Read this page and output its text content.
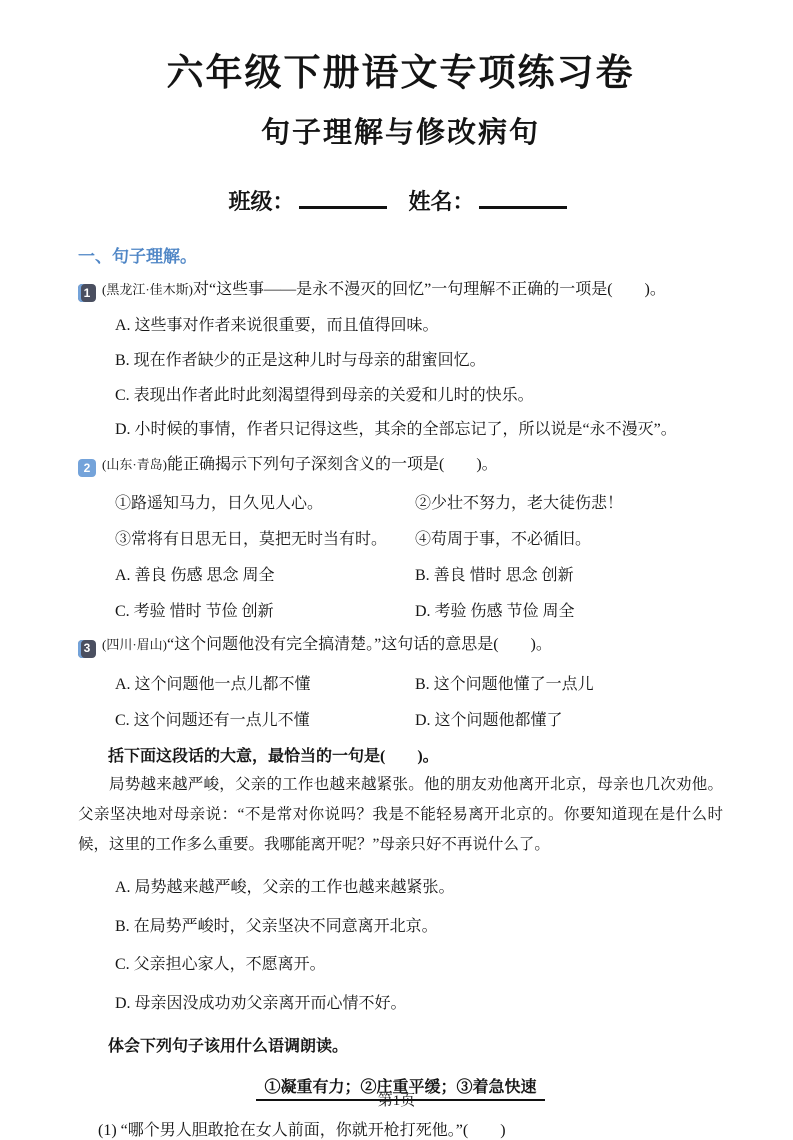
六年级下册语文专项练习卷
句子理解与修改病句
班级：	姓名：
一、句子理解。
1 (黑龙江·佳木斯)对“这些事——是永不漫灭的回忆”一句理解不正确的一项是(　　)。
A. 这些事对作者来说很重要，而且值得回味。
B. 现在作者缺少的正是这种儿时与母亲的甜蜜回忆。
C. 表现出作者此时此刻渴望得到母亲的关爱和儿时的快乐。
D. 小时候的事情，作者只记得这些，其余的全部忘记了，所以说是“永不漫灭”。
2 (山东·青岛)能正确揭示下列句子深刻含义的一项是(　　)。
①路遥知马力，日久见人心。	②少壮不努力，老大徒伤悲！
③常将有日思无日，莫把无时当有时。	④苟周于事，不必循旧。
A. 善良 伤感 思念 周全	B. 善良 惜时 思念 创新
C. 考验 惜时 节俭 创新	D. 考验 伤感 节俭 周全
3 (四川·眉山)“这个问题他没有完全搞清楚。”这句话的意思是(　　)。
A. 这个问题他一点儿都不懂	B. 这个问题他懂了一点儿
C. 这个问题还有一点儿不懂	D. 这个问题他都懂了
括下面这段话的大意，最恰当的一句是(　　)。
局势越来越严峻，父亲的工作也越来越紧张。他的朋友劝他离开北京，母亲也几次劝他。父亲坚决地对母亲说：“不是常对你说吗？我是不能轻易离开北京的。你要知道现在是什么时候，这里的工作多么重要。我哪能离开呢？”母亲只好不再说什么了。
A. 局势越来越严峻，父亲的工作也越来越紧张。
B. 在局势严峻时，父亲坚决不同意离开北京。
C. 父亲担心家人，不愿离开。
D. 母亲因没成功劝父亲离开而心情不好。
体会下列句子该用什么语调朗读。
①凝重有力；②庄重平缓；③着急快速
(1) “哪个男人胆敢抢在女人前面，你就开枪打死他。”(　　)
第1页
